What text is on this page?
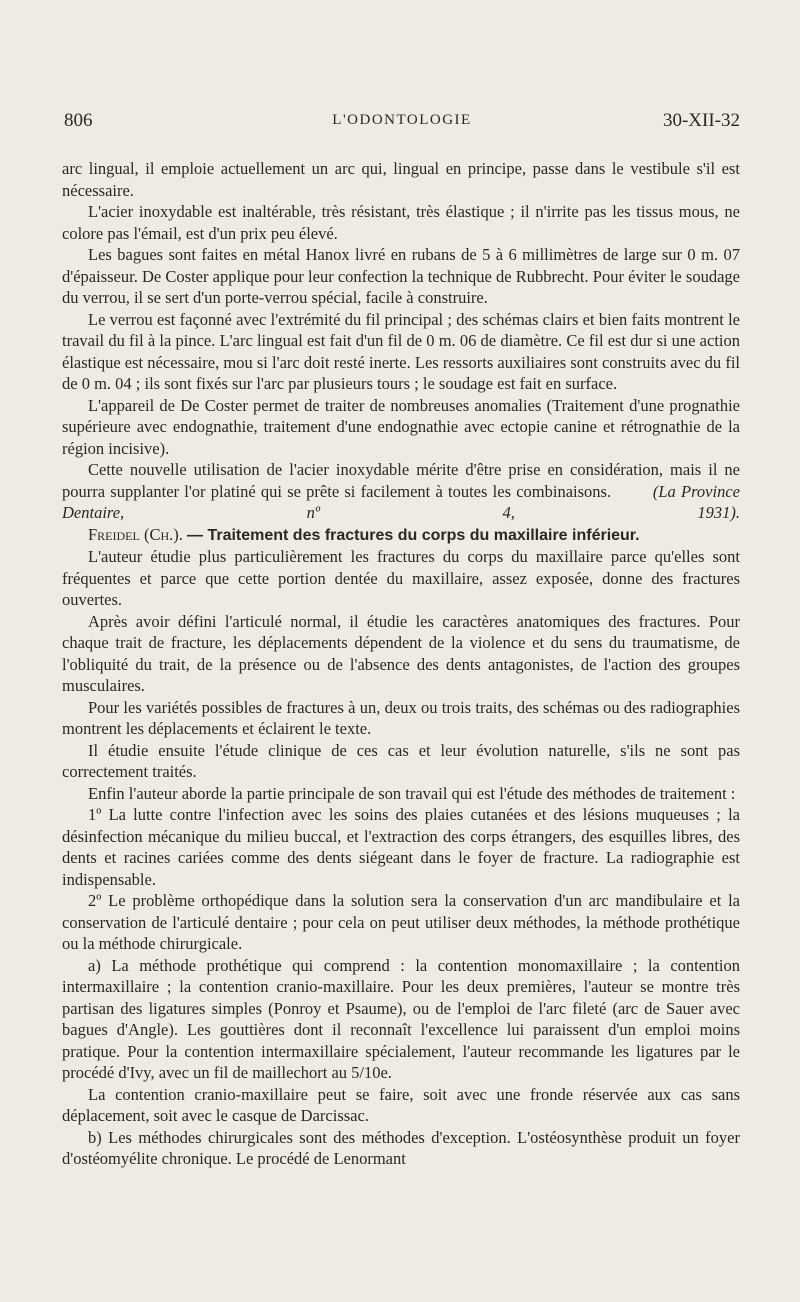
806	L'ODONTOLOGIE	30-XII-32

arc lingual, il emploie actuellement un arc qui, lingual en principe, passe dans le vestibule s'il est nécessaire.

L'acier inoxydable est inaltérable, très résistant, très élastique ; il n'irrite pas les tissus mous, ne colore pas l'émail, est d'un prix peu élevé.

Les bagues sont faites en métal Hanox livré en rubans de 5 à 6 millimètres de large sur 0 m. 07 d'épaisseur. De Coster applique pour leur confection la technique de Rubbrecht. Pour éviter le soudage du verrou, il se sert d'un porte-verrou spécial, facile à construire.

Le verrou est façonné avec l'extrémité du fil principal ; des schémas clairs et bien faits montrent le travail du fil à la pince. L'arc lingual est fait d'un fil de 0 m. 06 de diamètre. Ce fil est dur si une action élastique est nécessaire, mou si l'arc doit resté inerte. Les ressorts auxiliaires sont construits avec du fil de 0 m. 04 ; ils sont fixés sur l'arc par plusieurs tours ; le soudage est fait en surface.

L'appareil de De Coster permet de traiter de nombreuses anomalies (Traitement d'une prognathie supérieure avec endognathie, traitement d'une endognathie avec ectopie canine et rétrognathie de la région incisive).

Cette nouvelle utilisation de l'acier inoxydable mérite d'être prise en considération, mais il ne pourra supplanter l'or platiné qui se prête si facilement à toutes les combinaisons.	(La Province Dentaire, nº 4, 1931).

Freidel (Ch.). — Traitement des fractures du corps du maxillaire inférieur.

L'auteur étudie plus particulièrement les fractures du corps du maxillaire parce qu'elles sont fréquentes et parce que cette portion dentée du maxillaire, assez exposée, donne des fractures ouvertes.

Après avoir défini l'articulé normal, il étudie les caractères anatomiques des fractures. Pour chaque trait de fracture, les déplacements dépendent de la violence et du sens du traumatisme, de l'obliquité du trait, de la présence ou de l'absence des dents antagonistes, de l'action des groupes musculaires.

Pour les variétés possibles de fractures à un, deux ou trois traits, des schémas ou des radiographies montrent les déplacements et éclairent le texte.

Il étudie ensuite l'étude clinique de ces cas et leur évolution naturelle, s'ils ne sont pas correctement traités.

Enfin l'auteur aborde la partie principale de son travail qui est l'étude des méthodes de traitement :

1º La lutte contre l'infection avec les soins des plaies cutanées et des lésions muqueuses ; la désinfection mécanique du milieu buccal, et l'extraction des corps étrangers, des esquilles libres, des dents et racines cariées comme des dents siégeant dans le foyer de fracture. La radiographie est indispensable.

2º Le problème orthopédique dans la solution sera la conservation d'un arc mandibulaire et la conservation de l'articulé dentaire ; pour cela on peut utiliser deux méthodes, la méthode prothétique ou la méthode chirurgicale.

a) La méthode prothétique qui comprend : la contention monomaxillaire ; la contention intermaxillaire ; la contention cranio-maxillaire. Pour les deux premières, l'auteur se montre très partisan des ligatures simples (Ponroy et Psaume), ou de l'emploi de l'arc fileté (arc de Sauer avec bagues d'Angle). Les gouttières dont il reconnaît l'excellence lui paraissent d'un emploi moins pratique. Pour la contention intermaxillaire spécialement, l'auteur recommande les ligatures par le procédé d'Ivy, avec un fil de maillechort au 5/10e.

La contention cranio-maxillaire peut se faire, soit avec une fronde réservée aux cas sans déplacement, soit avec le casque de Darcissac.

b) Les méthodes chirurgicales sont des méthodes d'exception. L'ostéosynthèse produit un foyer d'ostéomyélite chronique. Le procédé de Lenormant
